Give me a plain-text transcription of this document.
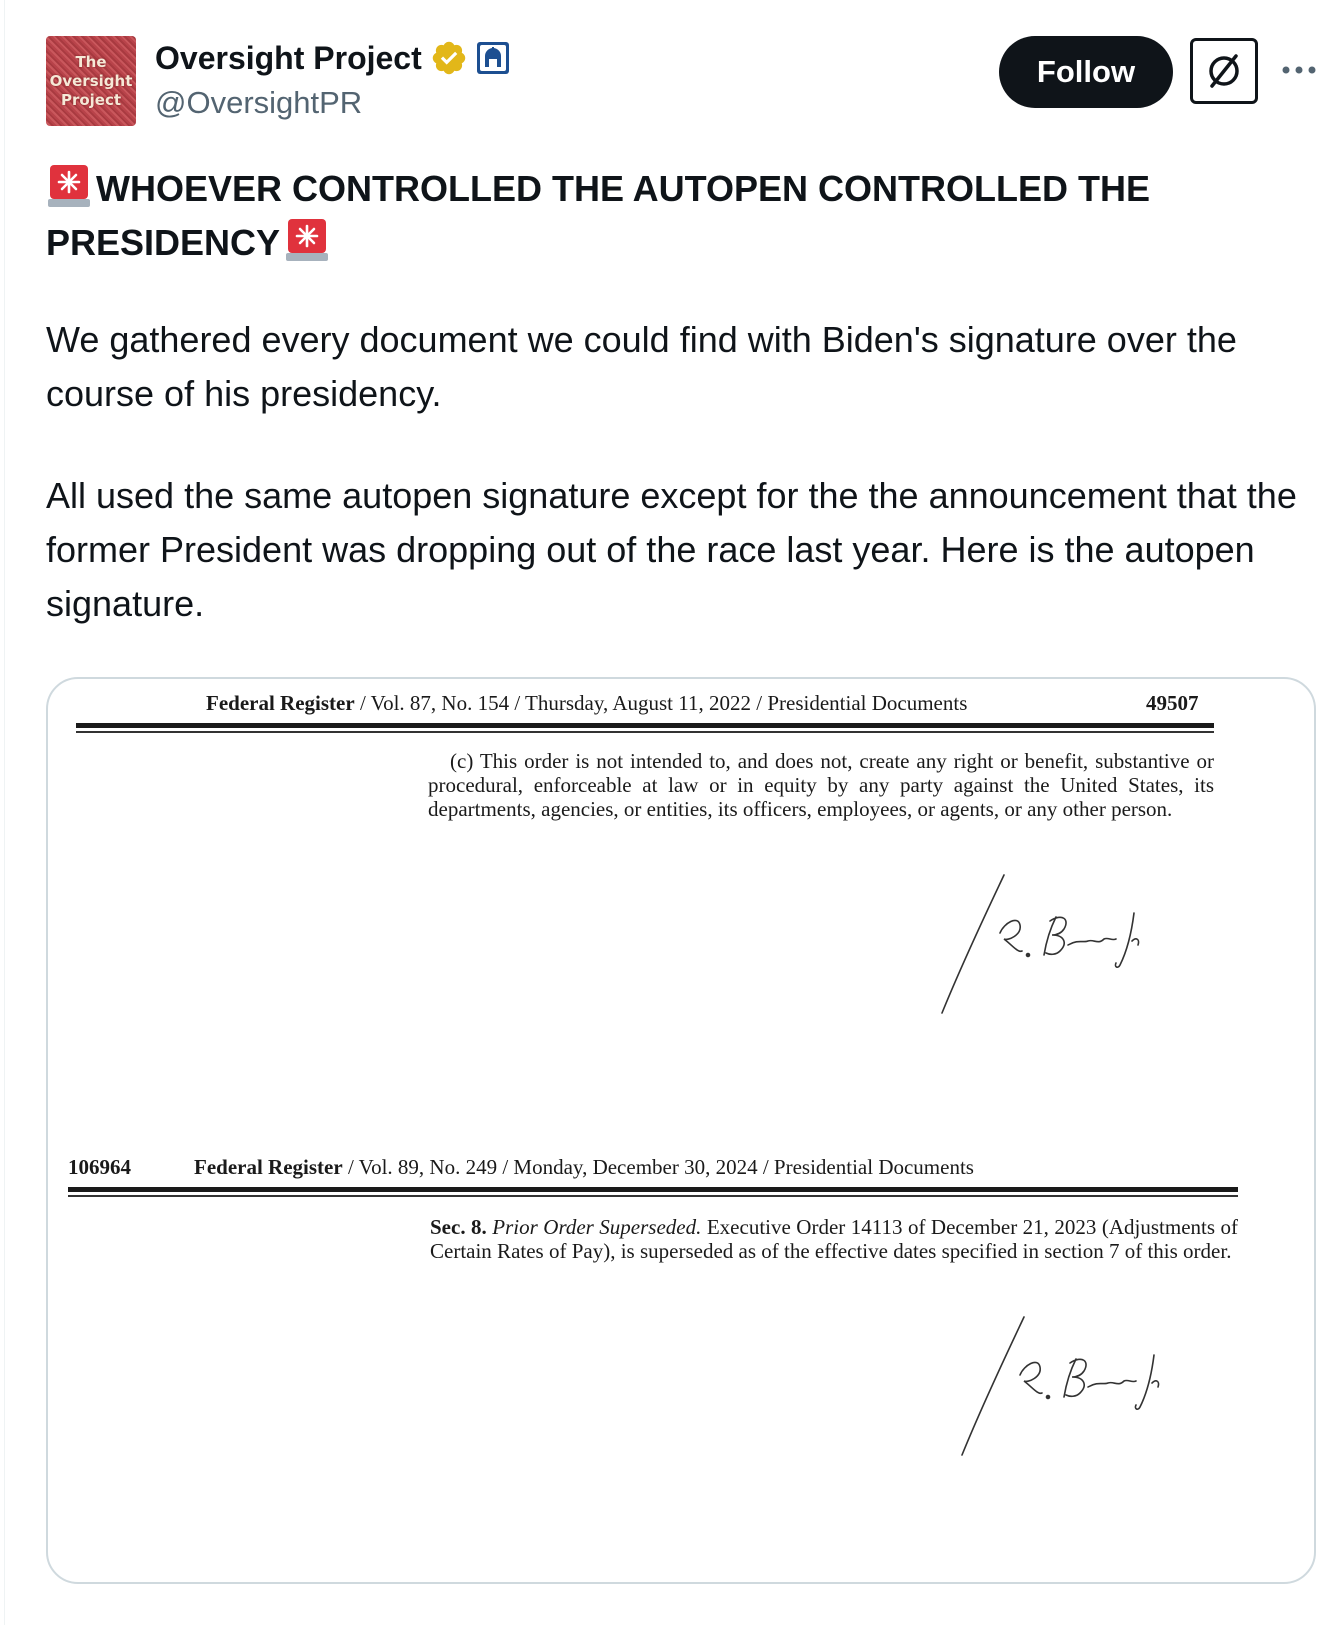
The
Oversight
Project
Oversight Project
@OversightPR
Follow
WHOEVER CONTROLLED THE AUTOPEN CONTROLLED THE PRESIDENCY
We gathered every document we could find with Biden's signature over the course of his presidency.
All used the same autopen signature except for the the announcement that the former President was dropping out of the race last year. Here is the autopen signature.
Federal Register / Vol. 87, No. 154 / Thursday, August 11, 2022 / Presidential Documents	49507
(c) This order is not intended to, and does not, create any right or benefit, substantive or procedural, enforceable at law or in equity by any party against the United States, its departments, agencies, or entities, its officers, employees, or agents, or any other person.
106964	Federal Register / Vol. 89, No. 249 / Monday, December 30, 2024 / Presidential Documents
Sec. 8. Prior Order Superseded. Executive Order 14113 of December 21, 2023 (Adjustments of Certain Rates of Pay), is superseded as of the effective dates specified in section 7 of this order.
